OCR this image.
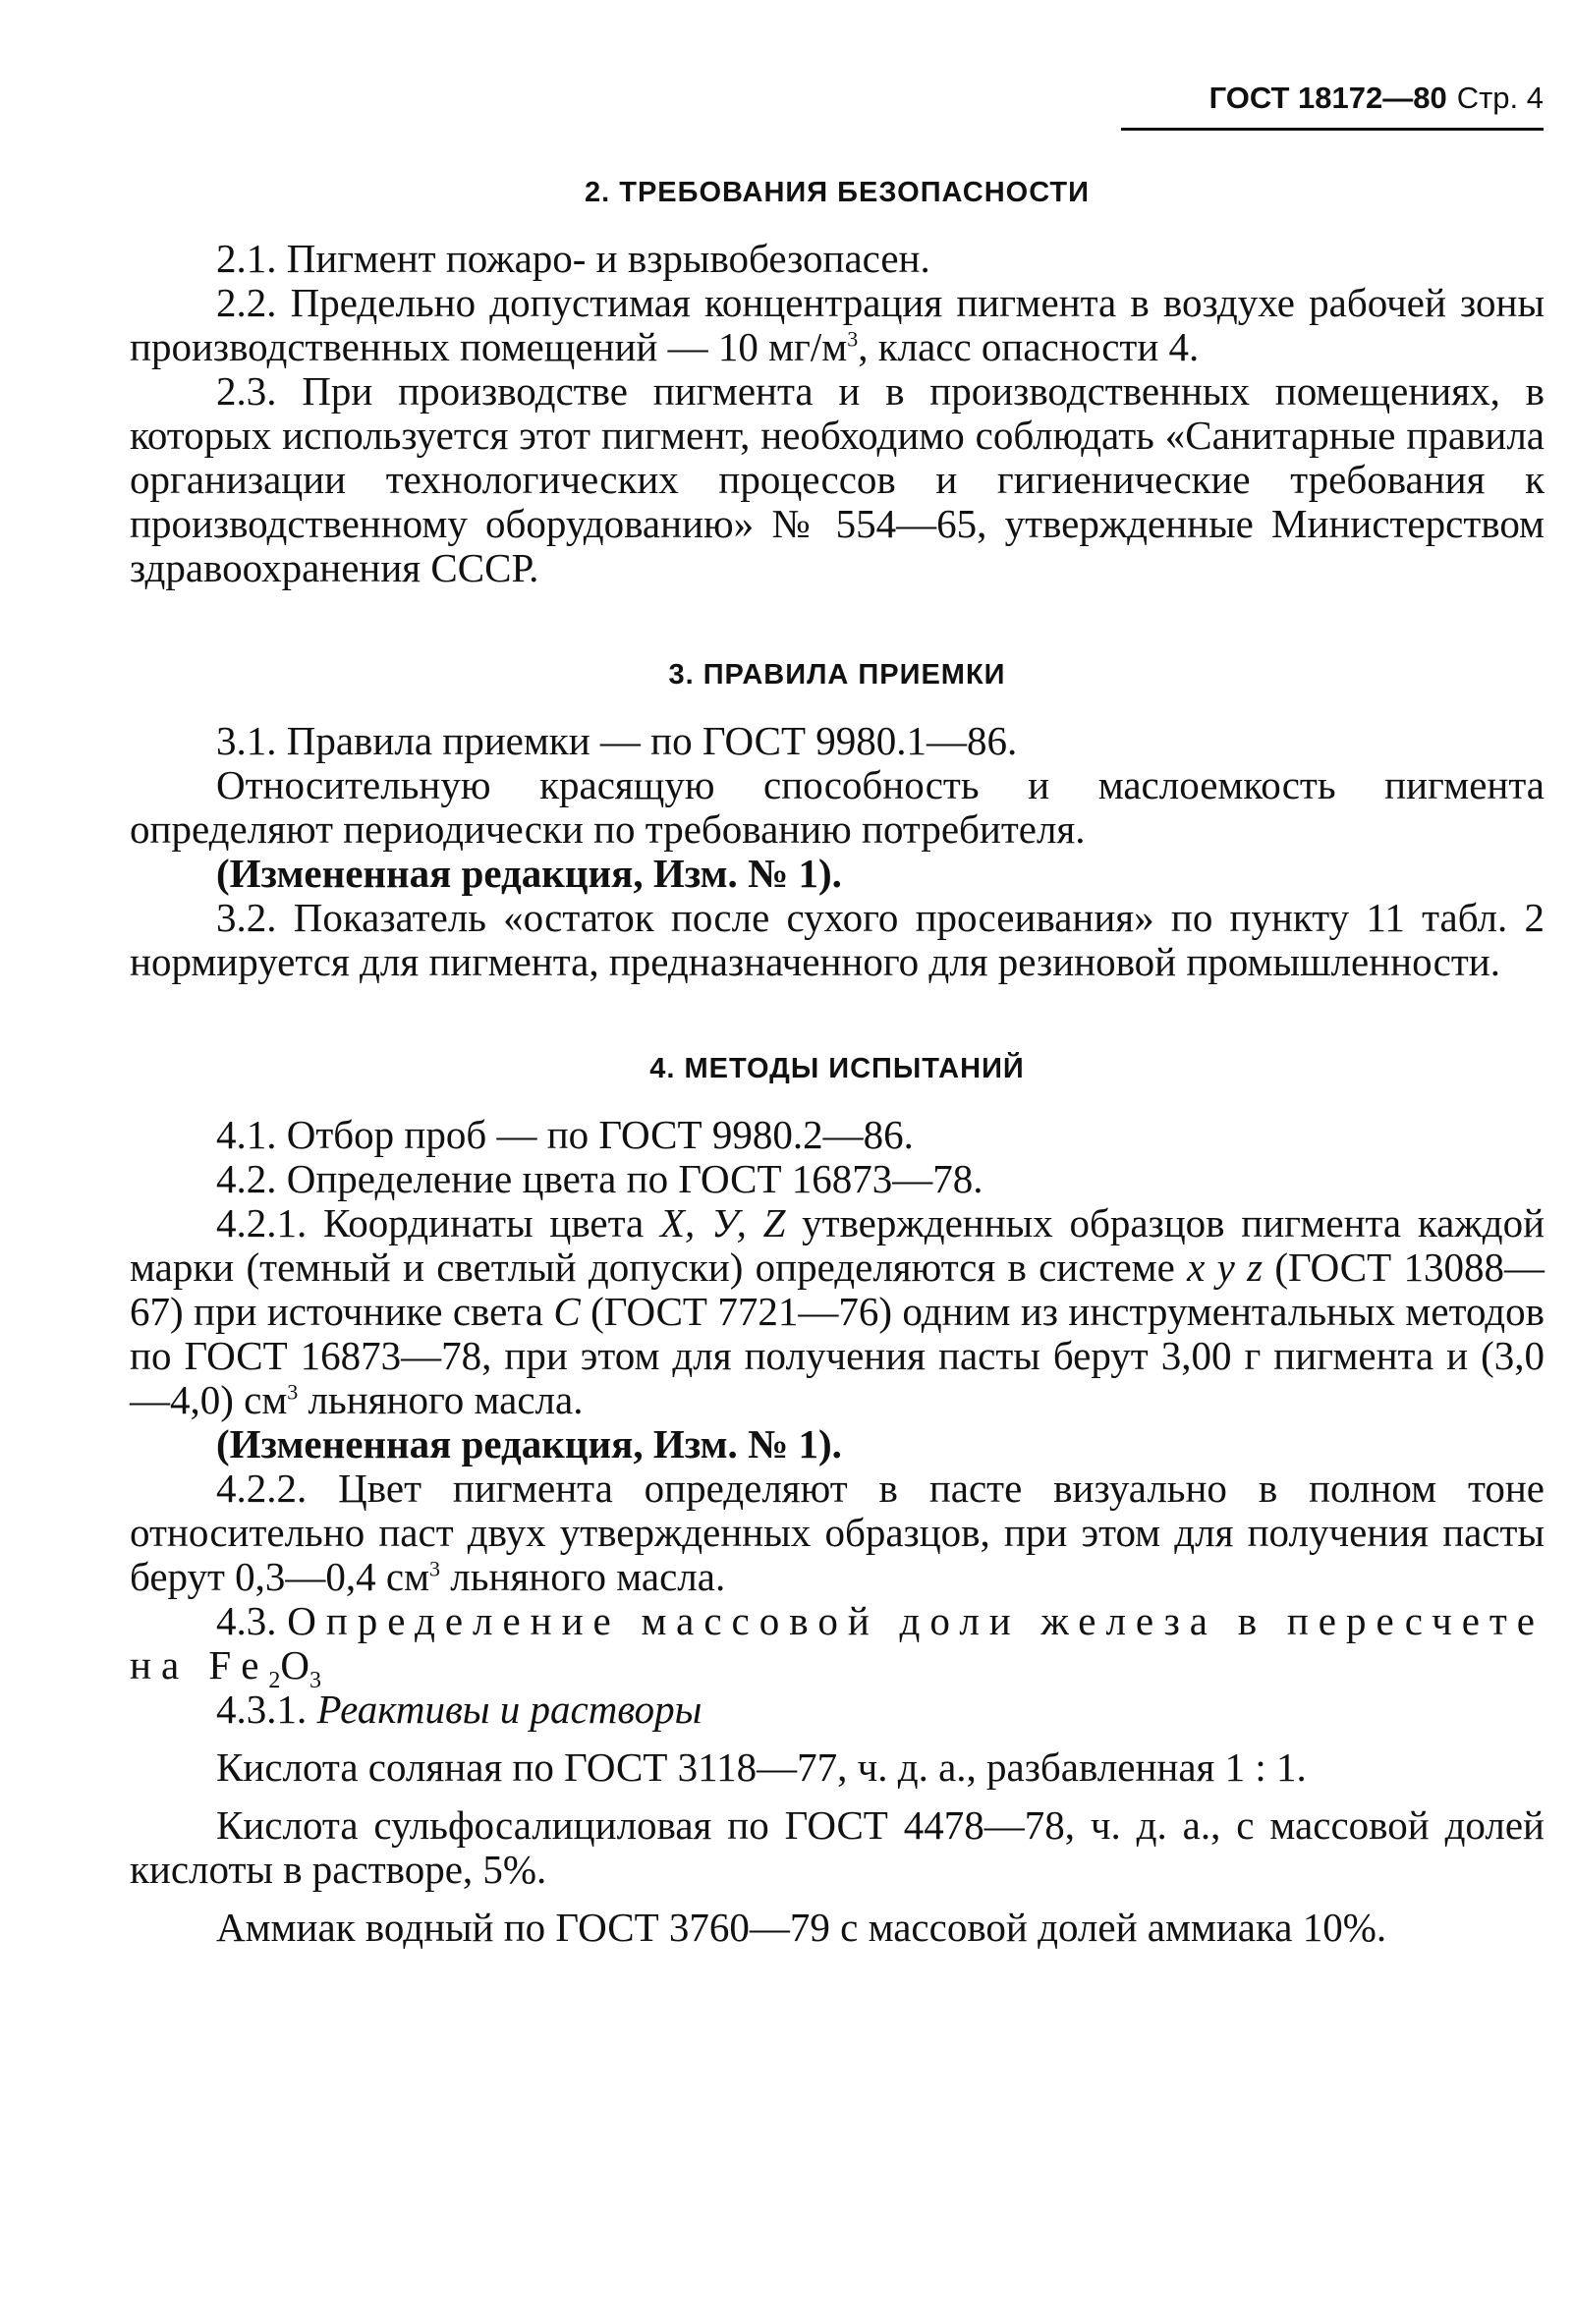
ГОСТ 18172—80 Стр. 4
2. ТРЕБОВАНИЯ БЕЗОПАСНОСТИ

2.1. Пигмент пожаро- и взрывобезопасен.

2.2. Предельно допустимая концентрация пигмента в воздухе рабочей зоны производственных помещений — 10 $мг/м^3$, класс опасности 4.

2.3. При производстве пигмента и в производственных помещениях, в которых используется этот пигмент, необходимо соблюдать «Санитарные правила организации технологических процессов и гигиенические требования к производственному оборудованию» № 554—65, утвержденные Министерством здравоохранения СССР.

3. ПРАВИЛА ПРИЕМКИ

3.1. Правила приемки — по ГОСТ 9980.1—86.

Относительную красящую способность и маслоемкость пигмента определяют периодически по требованию потребителя.

(Измененная редакция, Изм. № 1).

3.2. Показатель «остаток после сухого просеивания» по пункту 11 табл. 2 нормируется для пигмента, предназначенного для резиновой промышленности.

4. МЕТОДЫ ИСПЫТАНИЙ

4.1. Отбор проб — по ГОСТ 9980.2—86.

4.2. Определение цвета по ГОСТ 16873—78.

4.2.1. Координаты цвета X, У, Z утвержденных образцов пигмента каждой марки (темный и светлый допуски) определяются в системе х у z (ГОСТ 13088—67) при источнике света С (ГОСТ 7721—76) одним из инструментальных методов по ГОСТ 16873—78, при этом для получения пасты берут 3,00 г пигмента и (3,0—4,0) $см^3$ льняного масла.

(Измененная редакция, Изм. № 1).

4.2.2. Цвет пигмента определяют в пасте визуально в полном тоне относительно паст двух утвержденных образцов, при этом для получения пасты берут 0,3—0,4 $см^3$ льняного масла.

4.3. Определение массовой доли железа в пересчете на $Fe_2O_3$

4.3.1. Реактивы и растворы

Кислота соляная по ГОСТ 3118—77, ч. д. а., разбавленная 1 : 1.

Кислота сульфосалициловая по ГОСТ 4478—78, ч. д. а., с массовой долей кислоты в растворе, 5%.

Аммиак водный по ГОСТ 3760—79 с массовой долей аммиака 10%.
